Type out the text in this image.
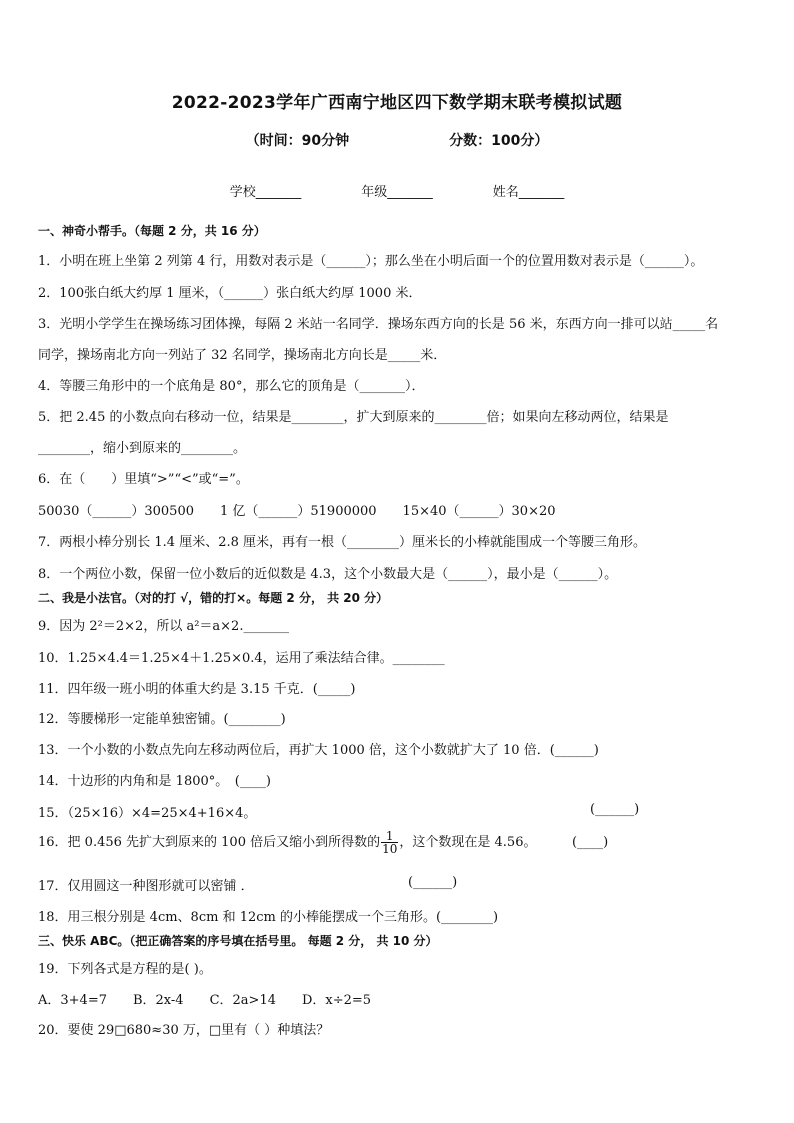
2022-2023学年广西南宁地区四下数学期末联考模拟试题
（时间：90分钟	分数：100分）
学校_______	年级_______	姓名_______
一、神奇小帮手。（每题 2 分，共 16 分）
1．小明在班上坐第 2 列第 4 行，用数对表示是（______）；那么坐在小明后面一个的位置用数对表示是（______）。
2．100张白纸大约厚 1 厘米，（______）张白纸大约厚 1000 米．
3．光明小学学生在操场练习团体操，每隔 2 米站一名同学．操场东西方向的长是 56 米，东西方向一排可以站_____名
同学，操场南北方向一列站了 32 名同学，操场南北方向长是_____米．
4．等腰三角形中的一个底角是 80°，那么它的顶角是（_______）．
5．把 2.45 的小数点向右移动一位，结果是________，扩大到原来的________倍；如果向左移动两位，结果是
________，缩小到原来的________。
6．在（　　）里填“>”“<”或“=”。
50030（______）300500　　1 亿（______）51900000　　15×40（______）30×20
7．两根小棒分别长 1.4 厘米、2.8 厘米，再有一根（________）厘米长的小棒就能围成一个等腰三角形。
8．一个两位小数，保留一位小数后的近似数是 4.3，这个小数最大是（______），最小是（______）。
二、我是小法官。（对的打 √，错的打×。每题 2 分， 共 20 分）
9．因为 2²＝2×2，所以 a²＝a×2._______
10．1.25×4.4＝1.25×4＋1.25×0.4，运用了乘法结合律。________
11．四年级一班小明的体重大约是 3.15 千克．(_____)
12．等腰梯形一定能单独密铺。(________)
13．一个小数的小数点先向左移动两位后，再扩大 1000 倍，这个小数就扩大了 10 倍．(______)
14．十边形的内角和是 1800°。　(____)
15．（25×16）×4=25×4+16×4。	(______)
16．把 0.456 先扩大到原来的 100 倍后又缩小到所得数的 $\frac{1}{10}$ ，这个数现在是 4.56。	(____)
17．仅用圆这一种图形就可以密铺 ．	(______)
18．用三根分别是 4cm、8cm 和 12cm 的小棒能摆成一个三角形。(________)
三、快乐 ABC。（把正确答案的序号填在括号里。 每题 2 分， 共 10 分）
19．下列各式是方程的是( )。
A．3+4=7　　B．2x-4　　C．2a>14　　D．x÷2=5
20．要使 29□680≈30 万，□里有（ ）种填法？
